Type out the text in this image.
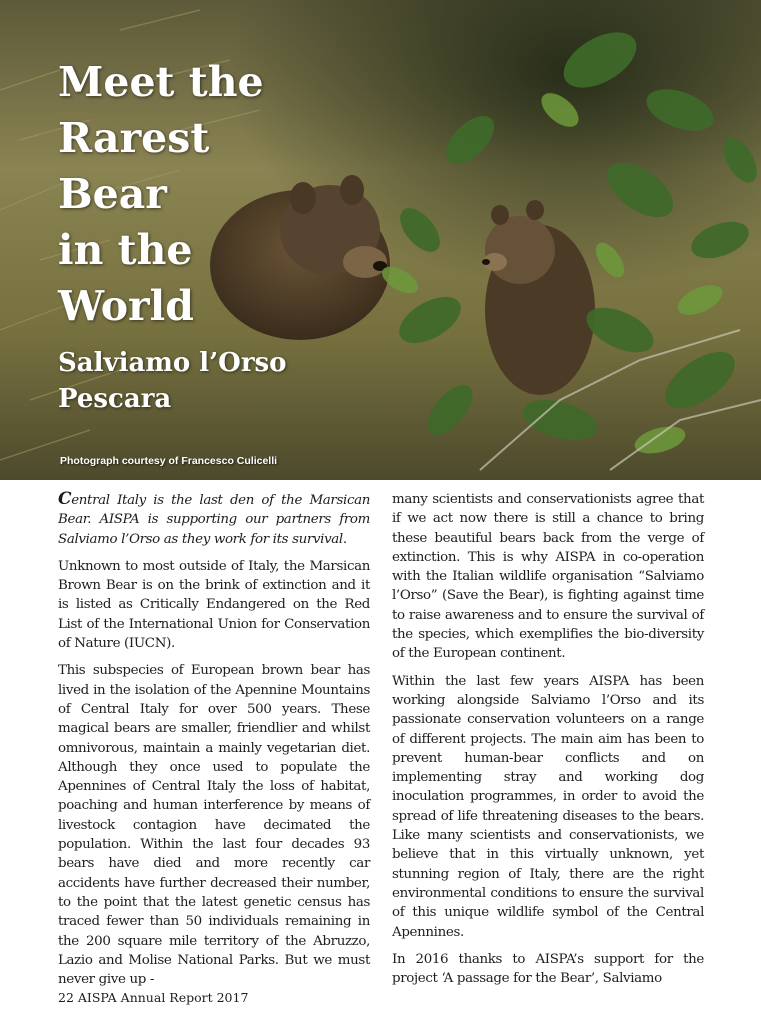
Meet the
Rarest
Bear
in the
World
Salviamo l’Orso
Pescara
Photograph courtesy of Francesco Culicelli

Central Italy is the last den of the Marsican Bear. AISPA is supporting our partners from Salviamo l’Orso as they work for its survival.

Unknown to most outside of Italy, the Marsican Brown Bear is on the brink of extinction and it is listed as Critically Endangered on the Red List of the International Union for Conservation of Nature (IUCN).

This subspecies of European brown bear has lived in the isolation of the Apennine Mountains of Central Italy for over 500 years. These magical bears are smaller, friendlier and whilst omnivorous, maintain a mainly vegetarian diet. Although they once used to populate the Apennines of Central Italy the loss of habitat, poaching and human interference by means of livestock contagion have decimated the population. Within the last four decades 93 bears have died and more recently car accidents have further decreased their number, to the point that the latest genetic census has traced fewer than 50 individuals remaining in the 200 square mile territory of the Abruzzo, Lazio and Molise National Parks. But we must never give up -

many scientists and conservationists agree that if we act now there is still a chance to bring these beautiful bears back from the verge of extinction. This is why AISPA in co-operation with the Italian wildlife organisation “Salviamo l’Orso” (Save the Bear), is fighting against time to raise awareness and to ensure the survival of the species, which exemplifies the bio-diversity of the European continent.

Within the last few years AISPA has been working alongside Salviamo l’Orso and its passionate conservation volunteers on a range of different projects. The main aim has been to prevent human-bear conflicts and on implementing stray and working dog inoculation programmes, in order to avoid the spread of life threatening diseases to the bears. Like many scientists and conservationists, we believe that in this virtually unknown, yet stunning region of Italy, there are the right environmental conditions to ensure the survival of this unique wildlife symbol of the Central Apennines.

In 2016 thanks to AISPA’s support for the project ‘A passage for the Bear’, Salviamo

22 AISPA Annual Report 2017
